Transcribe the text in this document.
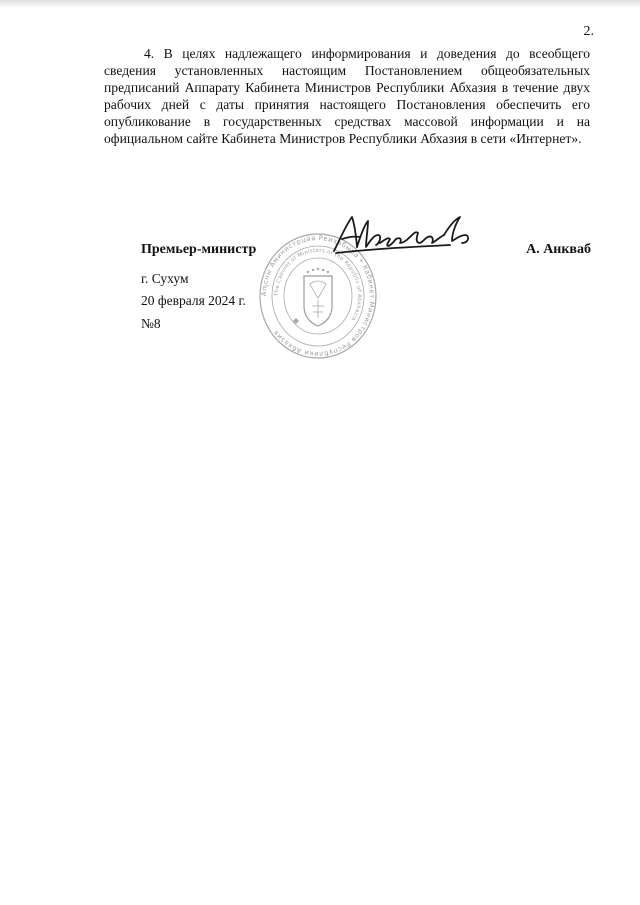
2.

4. В целях надлежащего информирования и доведения до всеобщего сведения установленных настоящим Постановлением общеобязательных предписаний Аппарату Кабинета Министров Республики Абхазия в течение двух рабочих дней с даты принятия настоящего Постановления обеспечить его опубликование в государственных средствах массовой информации и на официальном сайте Кабинета Министров Республики Абхазия в сети «Интернет».

Премьер-министр	А. Анкваб
Аҧсны Аминистрцәа Реиҳабыра • Кабинет Министров Республики Абхазия
The Cabinet of Ministers of the Republic of Abkhazia
г. Сухум
20 февраля 2024 г.
№8
